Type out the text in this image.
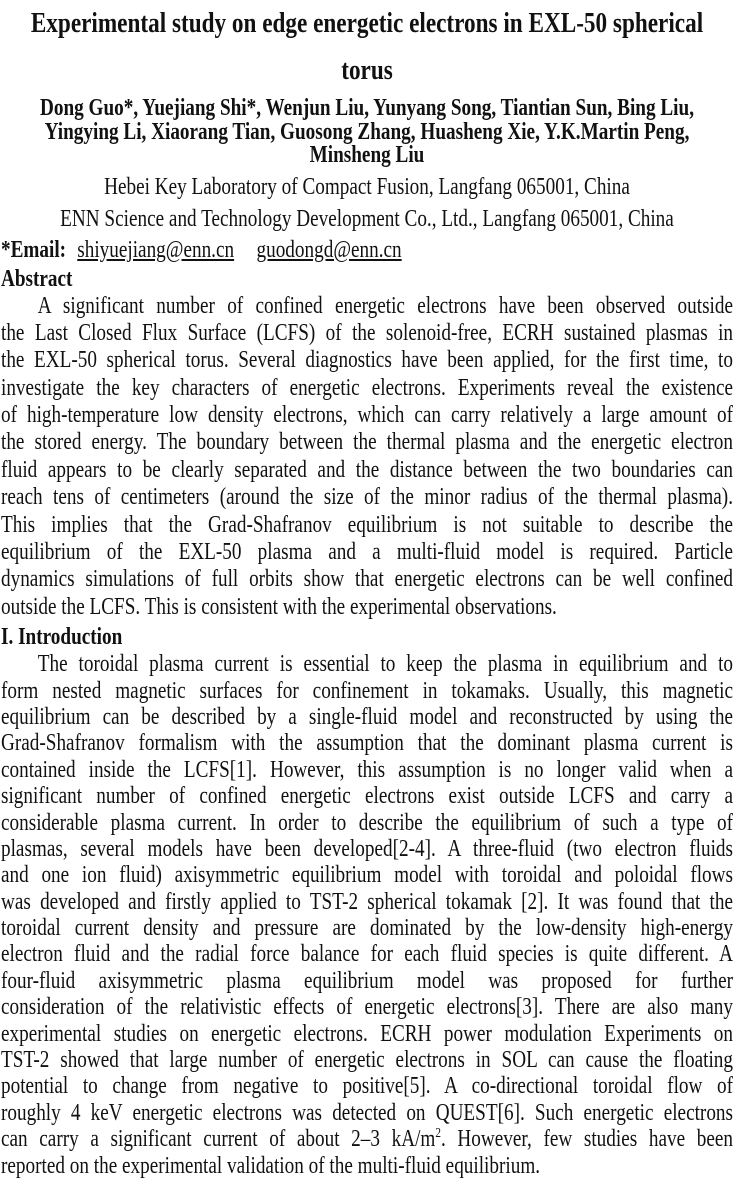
Experimental study on edge energetic electrons in EXL-50 spherical
torus
Dong Guo*, Yuejiang Shi*, Wenjun Liu, Yunyang Song, Tiantian Sun, Bing Liu,
Yingying Li, Xiaorang Tian, Guosong Zhang, Huasheng Xie, Y.K.Martin Peng,
Minsheng Liu
Hebei Key Laboratory of Compact Fusion, Langfang 065001, China
ENN Science and Technology Development Co., Ltd., Langfang 065001, China
*Email: shiyuejiang@enn.cn guodongd@enn.cn
Abstract
A significant number of confined energetic electrons have been observed outside
the Last Closed Flux Surface (LCFS) of the solenoid-free, ECRH sustained plasmas in
the EXL-50 spherical torus. Several diagnostics have been applied, for the first time, to
investigate the key characters of energetic electrons. Experiments reveal the existence
of high-temperature low density electrons, which can carry relatively a large amount of
the stored energy. The boundary between the thermal plasma and the energetic electron
fluid appears to be clearly separated and the distance between the two boundaries can
reach tens of centimeters (around the size of the minor radius of the thermal plasma).
This implies that the Grad-Shafranov equilibrium is not suitable to describe the
equilibrium of the EXL-50 plasma and a multi-fluid model is required. Particle
dynamics simulations of full orbits show that energetic electrons can be well confined
outside the LCFS. This is consistent with the experimental observations.
I. Introduction
The toroidal plasma current is essential to keep the plasma in equilibrium and to
form nested magnetic surfaces for confinement in tokamaks. Usually, this magnetic
equilibrium can be described by a single-fluid model and reconstructed by using the
Grad-Shafranov formalism with the assumption that the dominant plasma current is
contained inside the LCFS[1]. However, this assumption is no longer valid when a
significant number of confined energetic electrons exist outside LCFS and carry a
considerable plasma current. In order to describe the equilibrium of such a type of
plasmas, several models have been developed[2-4]. A three-fluid (two electron fluids
and one ion fluid) axisymmetric equilibrium model with toroidal and poloidal flows
was developed and firstly applied to TST-2 spherical tokamak [2]. It was found that the
toroidal current density and pressure are dominated by the low-density high-energy
electron fluid and the radial force balance for each fluid species is quite different. A
four-fluid axisymmetric plasma equilibrium model was proposed for further
consideration of the relativistic effects of energetic electrons[3]. There are also many
experimental studies on energetic electrons. ECRH power modulation Experiments on
TST-2 showed that large number of energetic electrons in SOL can cause the floating
potential to change from negative to positive[5]. A co-directional toroidal flow of
roughly 4 keV energetic electrons was detected on QUEST[6]. Such energetic electrons
can carry a significant current of about 2–3 $kA/m^2$. However, few studies have been
reported on the experimental validation of the multi-fluid equilibrium.
